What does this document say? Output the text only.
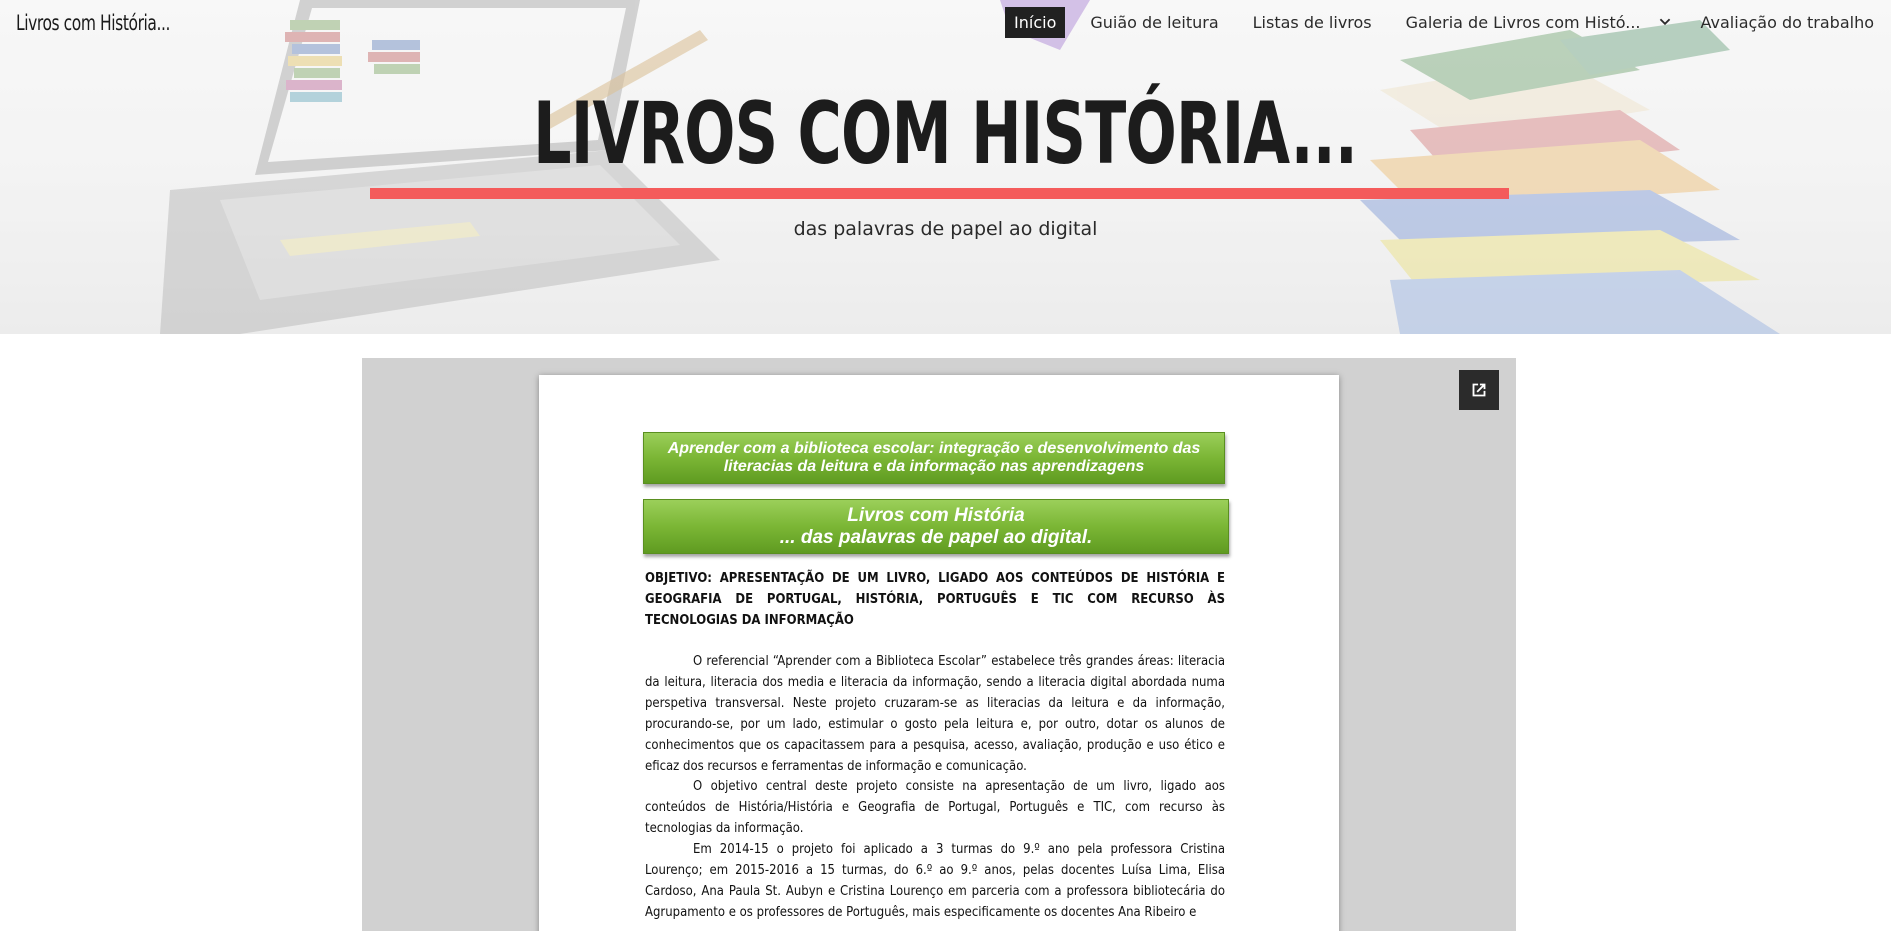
Livros com História...	Início	Guião de leitura	Listas de livros	Galeria de Livros com Histó...	Avaliação do trabalho
LIVROS COM HISTÓRIA...
das palavras de papel ao digital
Aprender com a biblioteca escolar: integração e desenvolvimento das
literacias da leitura e da informação nas aprendizagens
Livros com História
... das palavras de papel ao digital.

OBJETIVO: APRESENTAÇÃO DE UM LIVRO, LIGADO AOS CONTEÚDOS DE HISTÓRIA E GEOGRAFIA DE PORTUGAL, HISTÓRIA, PORTUGUÊS E TIC COM RECURSO ÀS TECNOLOGIAS DA INFORMAÇÃO

O referencial “Aprender com a Biblioteca Escolar” estabelece três grandes áreas: literacia da leitura, literacia dos media e literacia da informação, sendo a literacia digital abordada numa perspetiva transversal. Neste projeto cruzaram-se as literacias da leitura e da informação, procurando-se, por um lado, estimular o gosto pela leitura e, por outro, dotar os alunos de conhecimentos que os capacitassem para a pesquisa, acesso, avaliação, produção e uso ético e eficaz dos recursos e ferramentas de informação e comunicação.

O objetivo central deste projeto consiste na apresentação de um livro, ligado aos conteúdos de História/História e Geografia de Portugal, Português e TIC, com recurso às tecnologias da informação.

Em 2014-15 o projeto foi aplicado a 3 turmas do 9.º ano pela professora Cristina Lourenço; em 2015-2016 a 15 turmas, do 6.º ao 9.º anos, pelas docentes Luísa Lima, Elisa Cardoso, Ana Paula St. Aubyn e Cristina Lourenço em parceria com a professora bibliotecária do Agrupamento e os professores de Português, mais especificamente os docentes Ana Ribeiro e
